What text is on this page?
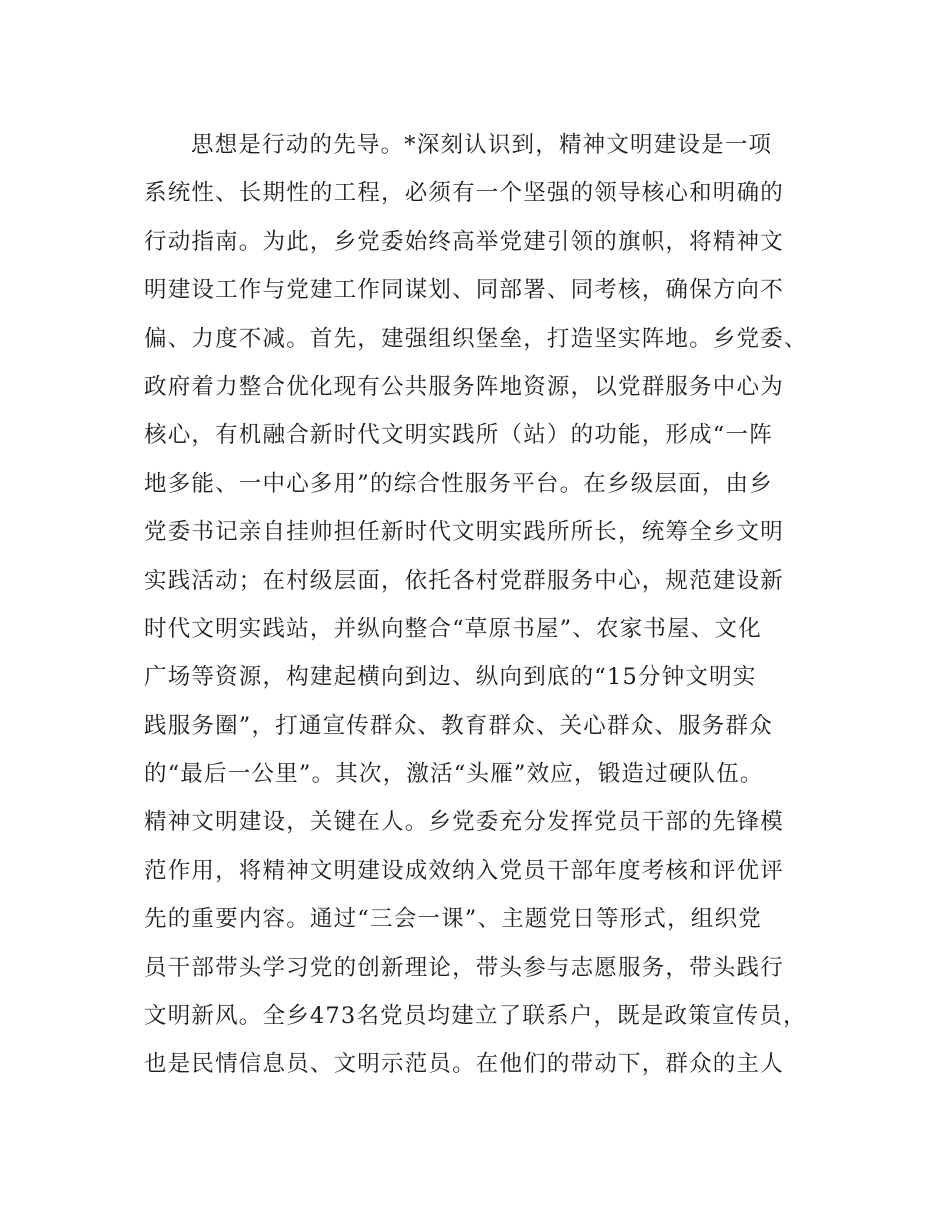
思想是行动的先导。*深刻认识到，精神文明建设是一项
系统性、长期性的工程，必须有一个坚强的领导核心和明确的
行动指南。为此，乡党委始终高举党建引领的旗帜，将精神文
明建设工作与党建工作同谋划、同部署、同考核，确保方向不
偏、力度不减。首先，建强组织堡垒，打造坚实阵地。乡党委、
政府着力整合优化现有公共服务阵地资源，以党群服务中心为
核心，有机融合新时代文明实践所（站）的功能，形成“一阵
地多能、一中心多用”的综合性服务平台。在乡级层面，由乡
党委书记亲自挂帅担任新时代文明实践所所长，统筹全乡文明
实践活动；在村级层面，依托各村党群服务中心，规范建设新
时代文明实践站，并纵向整合“草原书屋”、农家书屋、文化
广场等资源，构建起横向到边、纵向到底的“15分钟文明实
践服务圈”，打通宣传群众、教育群众、关心群众、服务群众
的“最后一公里”。其次，激活“头雁”效应，锻造过硬队伍。
精神文明建设，关键在人。乡党委充分发挥党员干部的先锋模
范作用，将精神文明建设成效纳入党员干部年度考核和评优评
先的重要内容。通过“三会一课”、主题党日等形式，组织党
员干部带头学习党的创新理论，带头参与志愿服务，带头践行
文明新风。全乡473名党员均建立了联系户，既是政策宣传员，
也是民情信息员、文明示范员。在他们的带动下，群众的主人
